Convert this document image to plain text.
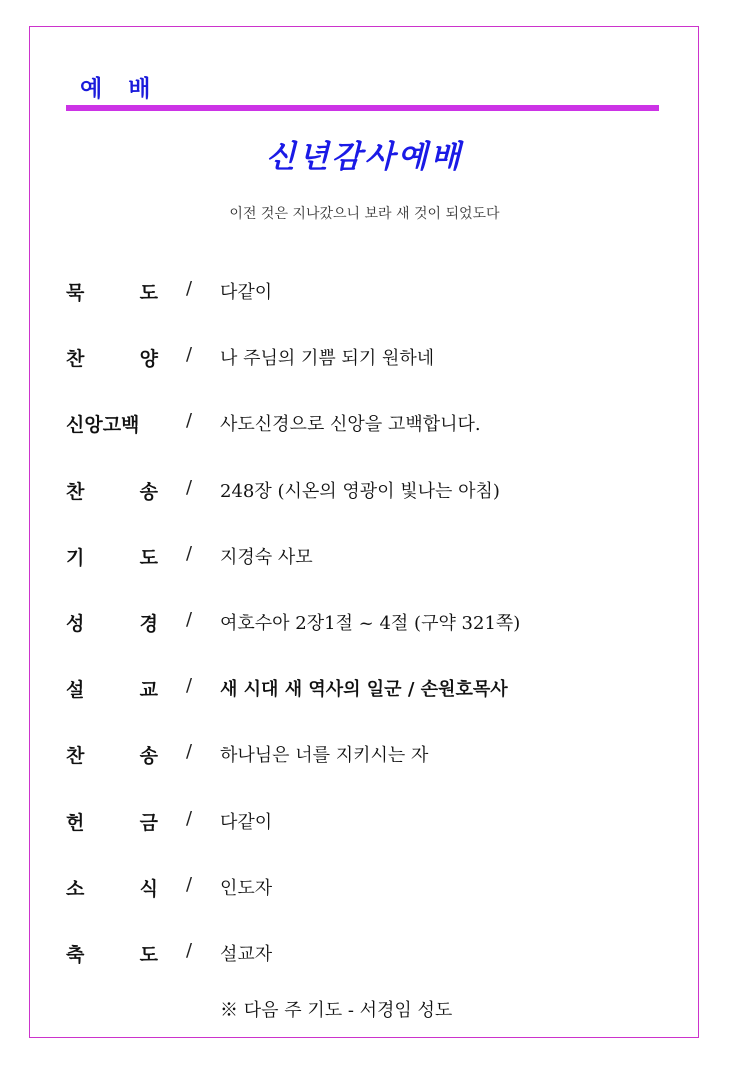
예배
신년감사예배
이전 것은 지나갔으니 보라 새 것이 되었도다
묵	도 / 다같이
찬	양 / 나 주님의 기쁨 되기 원하네
신앙고백	/ 사도신경으로 신앙을 고백합니다.
찬	송 / 248장 (시온의 영광이 빛나는 아침)
기	도 / 지경숙 사모
성	경 / 여호수아 2장1절 ~ 4절 (구약 321쪽)
설	교 / 새 시대 새 역사의 일군 / 손원호목사
찬	송 / 하나님은 너를 지키시는 자
헌	금 / 다같이
소	식 / 인도자
축	도 / 설교자
※ 다음 주 기도 - 서경임 성도
